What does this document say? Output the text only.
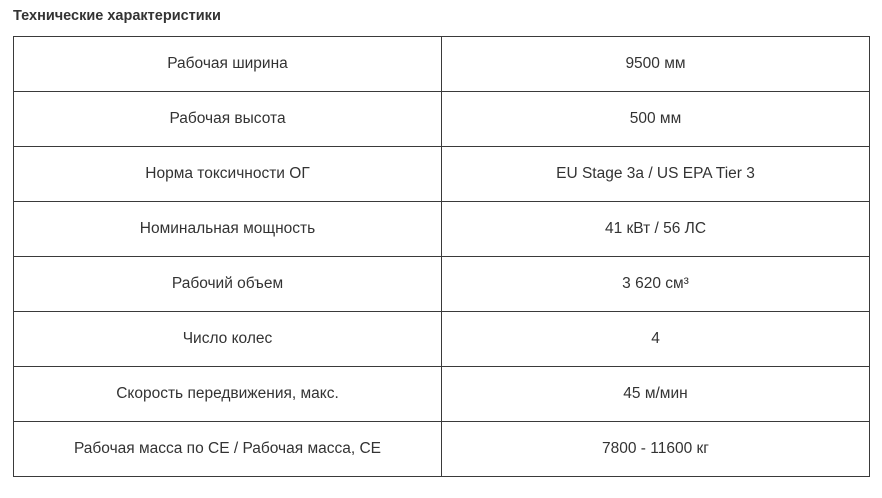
Технические характеристики
Рабочая ширина	9500 мм
Рабочая высота	500 мм
Норма токсичности ОГ	EU Stage 3a / US EPA Tier 3
Номинальная мощность	41 кВт / 56 ЛС
Рабочий объем	3 620 см³
Число колес	4
Скорость передвижения, макс.	45 м/мин
Рабочая масса по CE / Рабочая масса, CE	7800 - 11600 кг
